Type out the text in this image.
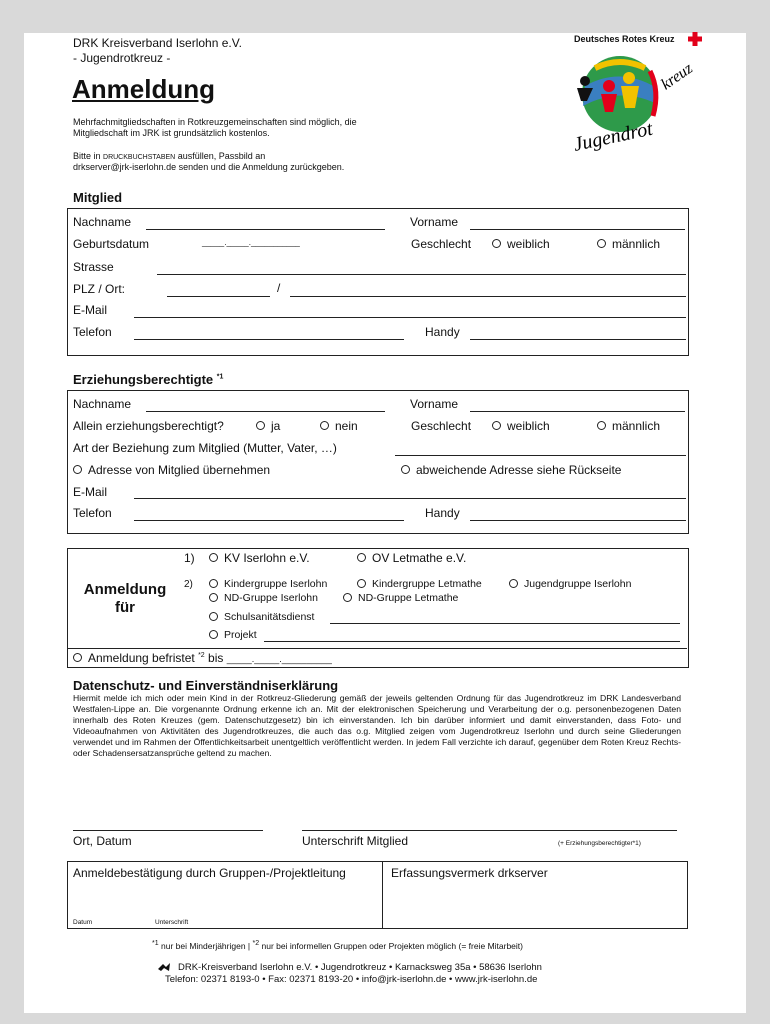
DRK Kreisverband Iserlohn e.V.
- Jugendrotkreuz -
Anmeldung
Mehrfachmitgliedschaften in Rotkreuzgemeinschaften sind möglich, die
Mitgliedschaft im JRK ist grundsätzlich kostenlos.
Bitte in DRUCKBUCHSTABEN ausfüllen, Passbild an
drkserver@jrk-iserlohn.de senden und die Anmeldung zurückgeben.
Deutsches Rotes Kreuz
kreuz
Jugendrot
Mitglied
Nachname	Vorname
Geburtsdatum	_____._____.___________	Geschlecht	weiblich	männlich
Strasse
PLZ / Ort:	/
E-Mail
Telefon	Handy
Erziehungsberechtigte $^{*1}$
Nachname	Vorname
Allein erziehungsberechtigt?	ja	nein	Geschlecht	weiblich	männlich
Art der Beziehung zum Mitglied (Mutter, Vater, …)
Adresse von Mitglied übernehmen	abweichende Adresse siehe Rückseite
E-Mail
Telefon	Handy
Anmeldung
für
1)	KV Iserlohn e.V.	OV Letmathe e.V.
2)	Kindergruppe Iserlohn	Kindergruppe Letmathe	Jugendgruppe Iserlohn
ND-Gruppe Iserlohn	ND-Gruppe Letmathe
Schulsanitätsdienst
Projekt
Anmeldung befristet $^{*2}$ bis _____._____.__________
Datenschutz- und Einverständniserklärung
Hiermit melde ich mich oder mein Kind in der Rotkreuz-Gliederung gemäß der jeweils geltenden Ordnung für das Jugendrotkreuz im DRK Landesverband Westfalen-Lippe an. Die vorgenannte Ordnung erkenne ich an. Mit der elektronischen Speicherung und Verarbeitung der o.g. personenbezogenen Daten innerhalb des Roten Kreuzes (gem. Datenschutzgesetz) bin ich einverstanden. Ich bin darüber informiert und damit einverstanden, dass Foto- und Videoaufnahmen von Aktivitäten des Jugendrotkreuzes, die auch das o.g. Mitglied zeigen vom Jugendrotkreuz Iserlohn und durch seine Gliederungen verwendet und im Rahmen der Öffentlichkeitsarbeit unentgeltlich veröffentlicht werden. In jedem Fall verzichte ich darauf, gegenüber dem Roten Kreuz Rechts- oder Schadensersatzansprüche geltend zu machen.
Ort, Datum	Unterschrift Mitglied	(+ Erziehungsberechtigter*1)
Anmeldebestätigung durch Gruppen-/Projektleitung	Erfassungsvermerk drkserver
Datum	Unterschrift
$^{*1}$ nur bei Minderjährigen | $^{*2}$ nur bei informellen Gruppen oder Projekten möglich (= freie Mitarbeit)
DRK-Kreisverband Iserlohn e.V. • Jugendrotkreuz • Karnacksweg 35a • 58636 Iserlohn
Telefon: 02371 8193-0 • Fax: 02371 8193-20 • info@jrk-iserlohn.de • www.jrk-iserlohn.de
